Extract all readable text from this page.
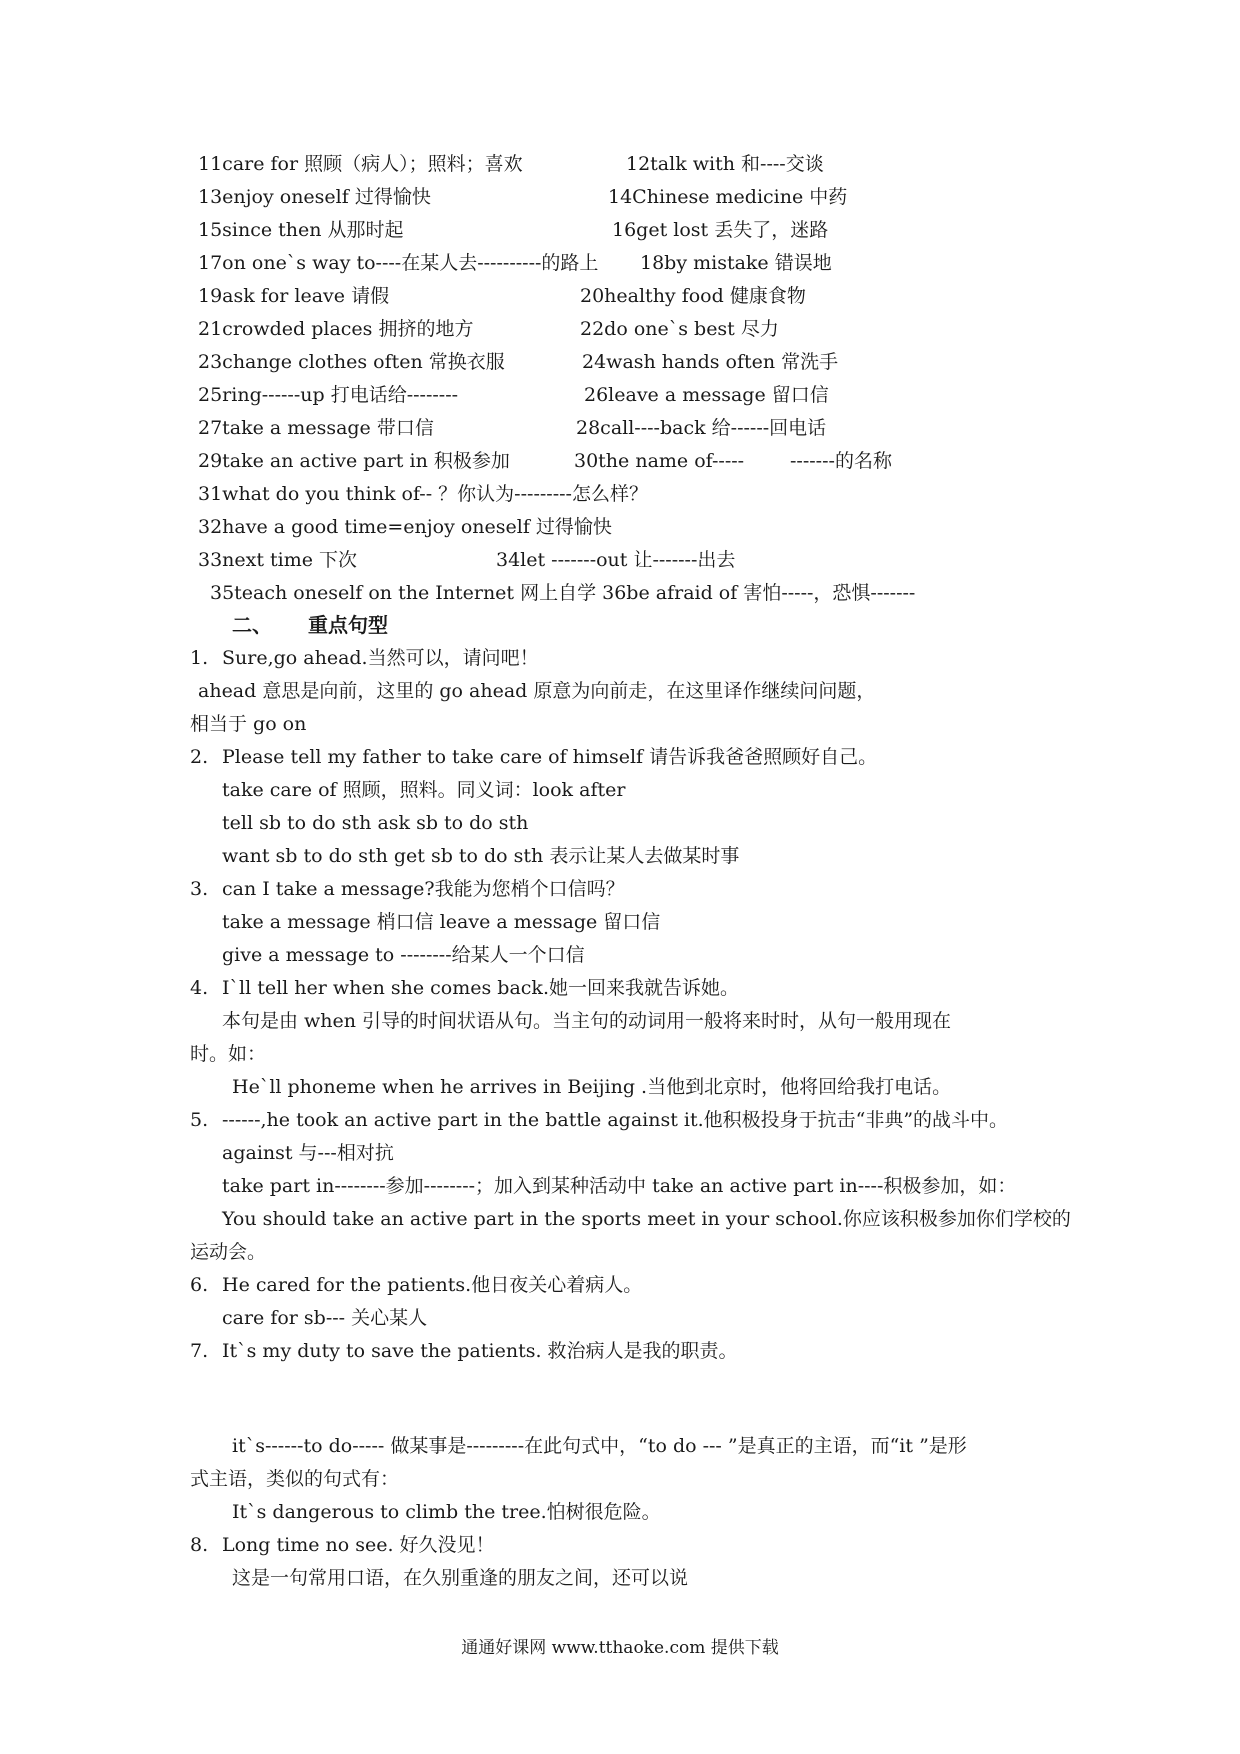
11care for 照顾（病人）；照料；喜欢	12talk with 和----交谈
13enjoy oneself 过得愉快	14Chinese medicine 中药
15since then 从那时起	16get lost 丢失了，迷路
17on one`s way to----在某人去----------的路上 18by mistake 错误地
19ask for leave 请假	20healthy food 健康食物
21crowded places 拥挤的地方	22do one`s best 尽力
23change clothes often 常换衣服	24wash hands often 常洗手
25ring------up 打电话给--------	26leave a message 留口信
27take a message 带口信	28call----back 给------回电话
29take an active part in 积极参加	30the name of----- -------的名称
31what do you think of-- ？你认为---------怎么样？
32have a good time=enjoy oneself 过得愉快
33next time 下次	34let -------out 让-------出去
35teach oneself on the Internet 网上自学 36be afraid of 害怕-----，恐惧-------
二、 重点句型
1. Sure,go ahead.当然可以，请问吧！
ahead 意思是向前，这里的 go ahead 原意为向前走，在这里译作继续问问题，
相当于 go on
2. Please tell my father to take care of himself 请告诉我爸爸照顾好自己。
take care of 照顾，照料。同义词：look after
tell sb to do sth ask sb to do sth
want sb to do sth get sb to do sth 表示让某人去做某时事
3. can I take a message?我能为您梢个口信吗？
take a message 梢口信 leave a message 留口信
give a message to --------给某人一个口信
4. I`ll tell her when she comes back.她一回来我就告诉她。
本句是由 when 引导的时间状语从句。当主句的动词用一般将来时时，从句一般用现在
时。如：
He`ll phoneme when he arrives in Beijing .当他到北京时，他将回给我打电话。
5. ------,he took an active part in the battle against it.他积极投身于抗击“非典”的战斗中。
against 与---相对抗
take part in--------参加--------；加入到某种活动中 take an active part in----积极参加，如：
You should take an active part in the sports meet in your school.你应该积极参加你们学校的
运动会。
6. He cared for the patients.他日夜关心着病人。
care for sb--- 关心某人
7. It`s my duty to save the patients. 救治病人是我的职责。
it`s------to do----- 做某事是---------在此句式中，“to do --- ”是真正的主语，而“it ”是形
式主语，类似的句式有：
It`s dangerous to climb the tree.怕树很危险。
8. Long time no see. 好久没见！
这是一句常用口语，在久别重逢的朋友之间，还可以说
通通好课网 www.tthaoke.com 提供下载
